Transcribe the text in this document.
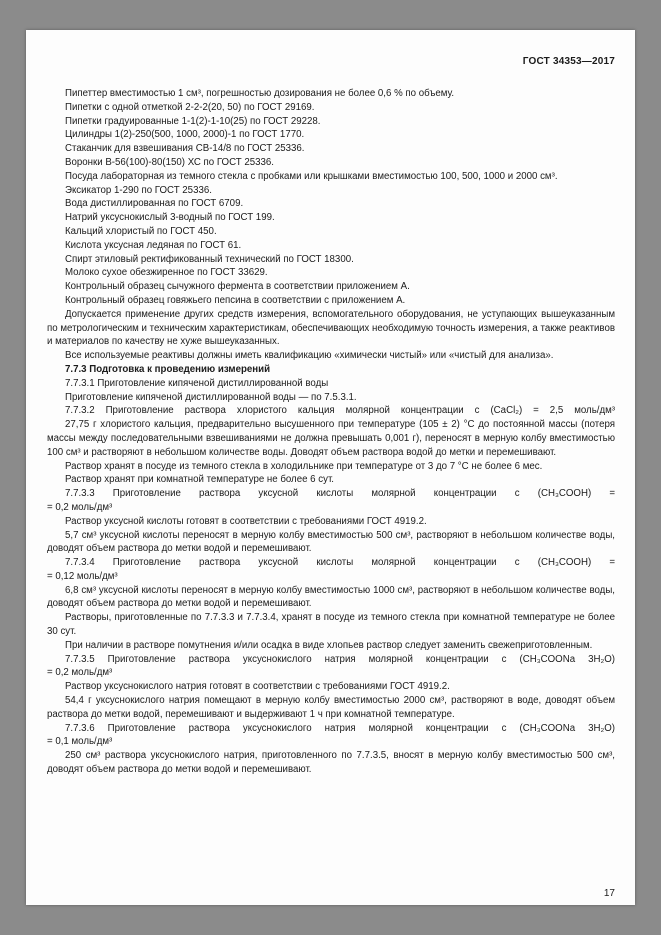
ГОСТ 34353—2017

Пипеттер вместимостью 1 см³, погрешностью дозирования не более 0,6 % по объему.

Пипетки с одной отметкой 2-2-2(20, 50) по ГОСТ 29169.

Пипетки градуированные 1-1(2)-1-10(25) по ГОСТ 29228.

Цилиндры 1(2)-250(500, 1000, 2000)-1 по ГОСТ 1770.

Стаканчик для взвешивания СВ-14/8 по ГОСТ 25336.

Воронки В-56(100)-80(150) ХС по ГОСТ 25336.

Посуда лабораторная из темного стекла с пробками или крышками вместимостью 100, 500, 1000 и 2000 см³.

Эксикатор 1-290 по ГОСТ 25336.

Вода дистиллированная по ГОСТ 6709.

Натрий уксуснокислый 3-водный по ГОСТ 199.

Кальций хлористый по ГОСТ 450.

Кислота уксусная ледяная по ГОСТ 61.

Спирт этиловый ректификованный технический по ГОСТ 18300.

Молоко сухое обезжиренное по ГОСТ 33629.

Контрольный образец сычужного фермента в соответствии приложением А.

Контрольный образец говяжьего пепсина в соответствии с приложением А.

Допускается применение других средств измерения, вспомогательного оборудования, не уступающих вышеуказанным по метрологическим и техническим характеристикам, обеспечивающих необходимую точность измерения, а также реактивов и материалов по качеству не хуже вышеуказанных.

Все используемые реактивы должны иметь квалификацию «химически чистый» или «чистый для анализа».

7.7.3 Подготовка к проведению измерений

7.7.3.1 Приготовление кипяченой дистиллированной воды

Приготовление кипяченой дистиллированной воды — по 7.5.3.1.

7.7.3.2 Приготовление раствора хлористого кальция молярной концентрации с (CaCl₂) = 2,5 моль/дм³

27,75 г хлористого кальция, предварительно высушенного при температуре (105 ± 2) °С до постоянной массы (потеря массы между последовательными взвешиваниями не должна превышать 0,001 г), переносят в мерную колбу вместимостью 100 см³ и растворяют в небольшом количестве воды. Доводят объем раствора водой до метки и перемешивают.

Раствор хранят в посуде из темного стекла в холодильнике при температуре от 3 до 7 °С не более 6 мес.

Раствор хранят при комнатной температуре не более 6 сут.

7.7.3.3 Приготовление раствора уксусной кислоты молярной концентрации с (CH₃COOH) =

= 0,2 моль/дм³

Раствор уксусной кислоты готовят в соответствии с требованиями ГОСТ 4919.2.

5,7 см³ уксусной кислоты переносят в мерную колбу вместимостью 500 см³, растворяют в небольшом количестве воды, доводят объем раствора до метки водой и перемешивают.

7.7.3.4 Приготовление раствора уксусной кислоты молярной концентрации с (CH₃COOH) =

= 0,12 моль/дм³

6,8 см³ уксусной кислоты переносят в мерную колбу вместимостью 1000 см³, растворяют в небольшом количестве воды, доводят объем раствора до метки водой и перемешивают.

Растворы, приготовленные по 7.7.3.3 и 7.7.3.4, хранят в посуде из темного стекла при комнатной температуре не более 30 сут.

При наличии в растворе помутнения и/или осадка в виде хлопьев раствор следует заменить свежеприготовленным.

7.7.3.5 Приготовление раствора уксуснокислого натрия молярной концентрации с (CH₃COONa 3H₂O)

= 0,2 моль/дм³

Раствор уксуснокислого натрия готовят в соответствии с требованиями ГОСТ 4919.2.

54,4 г уксуснокислого натрия помещают в мерную колбу вместимостью 2000 см³, растворяют в воде, доводят объем раствора до метки водой, перемешивают и выдерживают 1 ч при комнатной температуре.

7.7.3.6 Приготовление раствора уксуснокислого натрия молярной концентрации с (CH₃COONa 3H₂O)

= 0,1 моль/дм³

250 см³ раствора уксуснокислого натрия, приготовленного по 7.7.3.5, вносят в мерную колбу вместимостью 500 см³, доводят объем раствора до метки водой и перемешивают.

17
